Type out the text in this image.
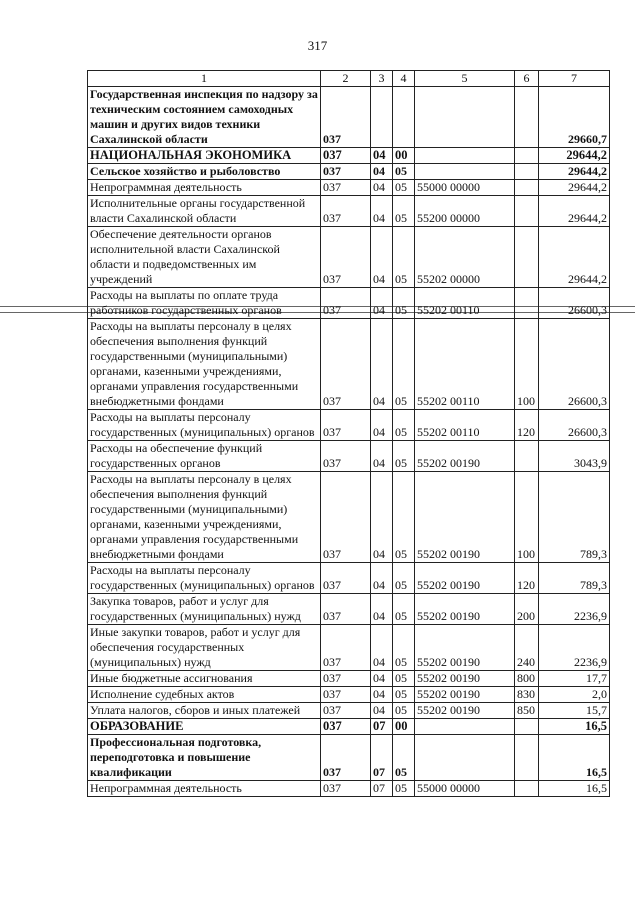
317
1	2	3	4	5	6	7

Государственная инспекция по надзору за техническим состоянием самоходных машин и других видов техники Сахалинской области	037					29660,7

НАЦИОНАЛЬНАЯ ЭКОНОМИКА	037	04	00			29644,2

Сельское хозяйство и рыболовство	037	04	05			29644,2

Непрограммная деятельность	037	04	05	55000 00000		29644,2

Исполнительные органы государственной власти Сахалинской области	037	04	05	55200 00000		29644,2

Обеспечение деятельности органов исполнительной власти Сахалинской области и подведомственных им учреждений	037	04	05	55202 00000		29644,2

Расходы на выплаты по оплате труда работников государственных органов	037	04	05	55202 00110		26600,3

Расходы на выплаты персоналу в целях обеспечения выполнения функций государственными (муниципальными) органами, казенными учреждениями, органами управления государственными внебюджетными фондами	037	04	05	55202 00110	100	26600,3

Расходы на выплаты персоналу государственных (муниципальных) органов	037	04	05	55202 00110	120	26600,3

Расходы на обеспечение функций государственных органов	037	04	05	55202 00190		3043,9

Расходы на выплаты персоналу в целях обеспечения выполнения функций государственными (муниципальными) органами, казенными учреждениями, органами управления государственными внебюджетными фондами	037	04	05	55202 00190	100	789,3

Расходы на выплаты персоналу государственных (муниципальных) органов	037	04	05	55202 00190	120	789,3

Закупка товаров, работ и услуг для государственных (муниципальных) нужд	037	04	05	55202 00190	200	2236,9

Иные закупки товаров, работ и услуг для обеспечения государственных (муниципальных) нужд	037	04	05	55202 00190	240	2236,9

Иные бюджетные ассигнования	037	04	05	55202 00190	800	17,7

Исполнение судебных актов	037	04	05	55202 00190	830	2,0

Уплата налогов, сборов и иных платежей	037	04	05	55202 00190	850	15,7

ОБРАЗОВАНИЕ	037	07	00			16,5

Профессиональная подготовка, переподготовка и повышение квалификации	037	07	05			16,5

Непрограммная деятельность	037	07	05	55000 00000		16,5
